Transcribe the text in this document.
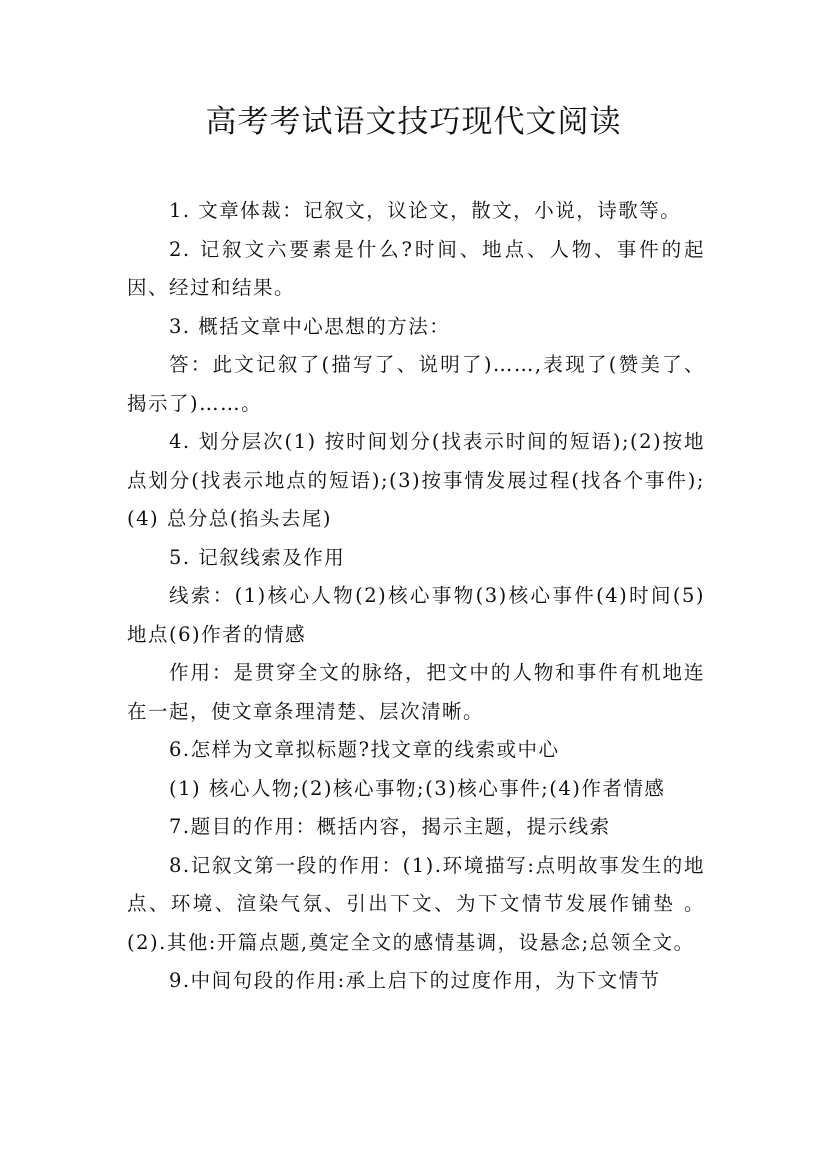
高考考试语文技巧现代文阅读

1. 文章体裁：记叙文，议论文，散文，小说，诗歌等。

2. 记叙文六要素是什么?时间、地点、人物、事件的起因、经过和结果。

3. 概括文章中心思想的方法：

答：此文记叙了(描写了、说明了)……,表现了(赞美了、揭示了)……。

4. 划分层次(1) 按时间划分(找表示时间的短语);(2)按地点划分(找表示地点的短语);(3)按事情发展过程(找各个事件);(4) 总分总(掐头去尾)

5. 记叙线索及作用

线索：(1)核心人物(2)核心事物(3)核心事件(4)时间(5)地点(6)作者的情感

作用：是贯穿全文的脉络，把文中的人物和事件有机地连在一起，使文章条理清楚、层次清晰。

6.怎样为文章拟标题?找文章的线索或中心

(1) 核心人物;(2)核心事物;(3)核心事件;(4)作者情感

7.题目的作用：概括内容，揭示主题，提示线索

8.记叙文第一段的作用：(1).环境描写:点明故事发生的地点、环境、渲染气氛、引出下文、为下文情节发展作铺垫 。(2).其他:开篇点题,奠定全文的感情基调，设悬念;总领全文。

9.中间句段的作用:承上启下的过度作用，为下文情节
